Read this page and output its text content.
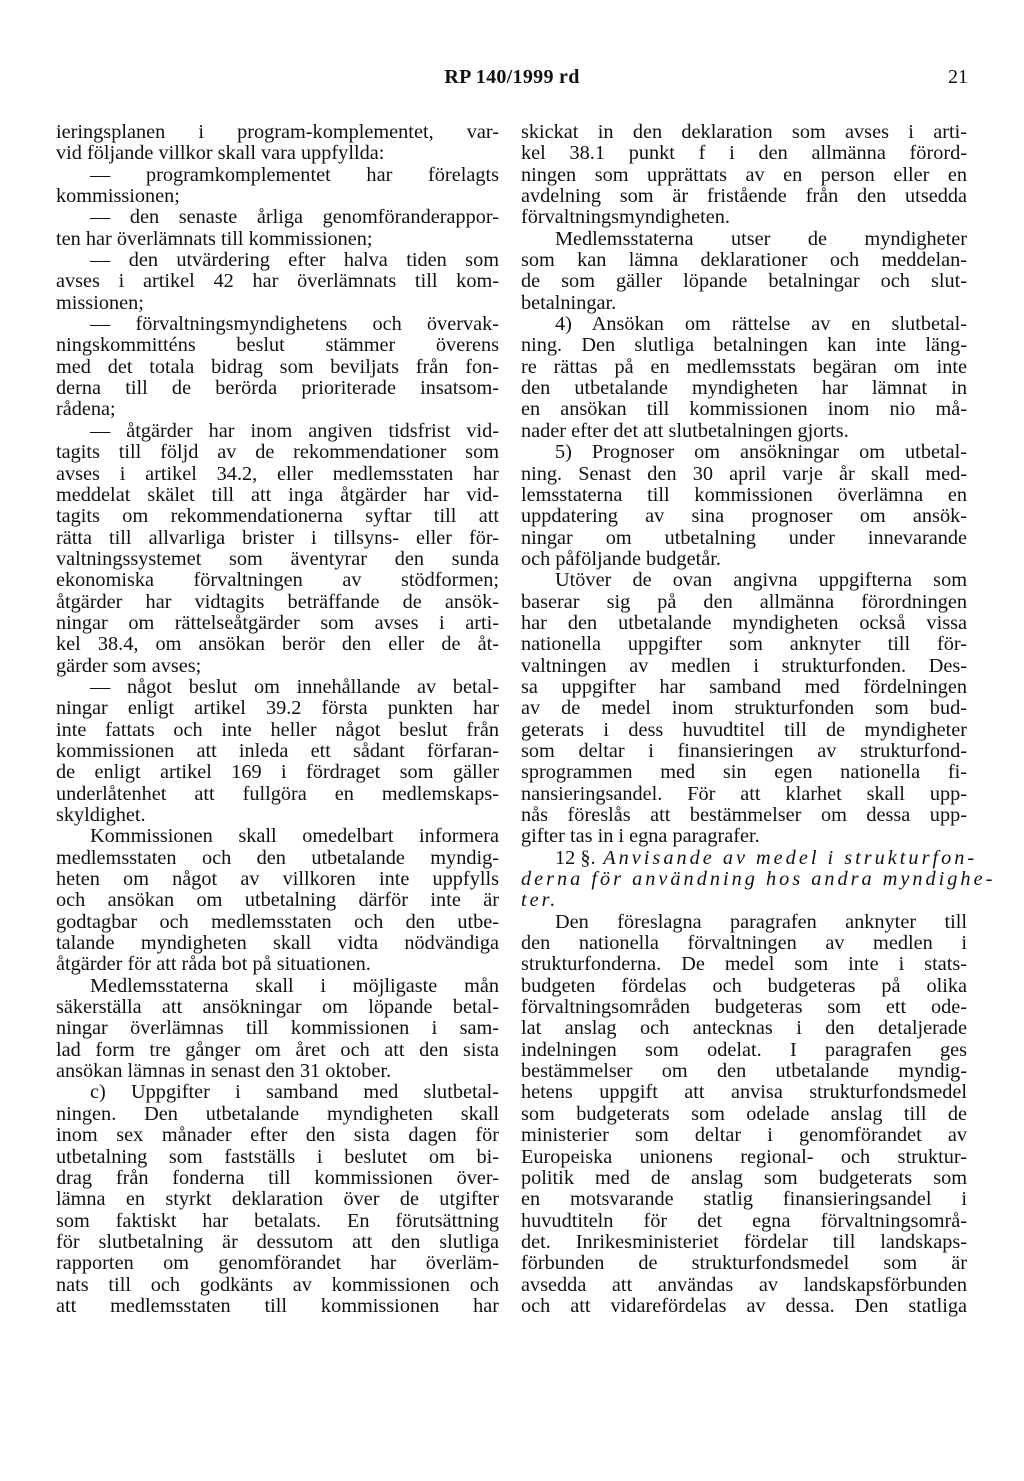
RP 140/1999 rd	21
ieringsplanen i program-komplementet, var-
vid följande villkor skall vara uppfyllda:
— programkomplementet har förelagts
kommissionen;
— den senaste årliga genomföranderappor-
ten har överlämnats till kommissionen;
— den utvärdering efter halva tiden som
avses i artikel 42 har överlämnats till kom-
missionen;
— förvaltningsmyndighetens och övervak-
ningskommitténs beslut stämmer överens
med det totala bidrag som beviljats från fon-
derna till de berörda prioriterade insatsom-
rådena;
— åtgärder har inom angiven tidsfrist vid-
tagits till följd av de rekommendationer som
avses i artikel 34.2, eller medlemsstaten har
meddelat skälet till att inga åtgärder har vid-
tagits om rekommendationerna syftar till att
rätta till allvarliga brister i tillsyns- eller för-
valtningssystemet som äventyrar den sunda
ekonomiska förvaltningen av stödformen;
åtgärder har vidtagits beträffande de ansök-
ningar om rättelseåtgärder som avses i arti-
kel 38.4, om ansökan berör den eller de åt-
gärder som avses;
— något beslut om innehållande av betal-
ningar enligt artikel 39.2 första punkten har
inte fattats och inte heller något beslut från
kommissionen att inleda ett sådant förfaran-
de enligt artikel 169 i fördraget som gäller
underlåtenhet att fullgöra en medlemskaps-
skyldighet.
Kommissionen skall omedelbart informera
medlemsstaten och den utbetalande myndig-
heten om något av villkoren inte uppfylls
och ansökan om utbetalning därför inte är
godtagbar och medlemsstaten och den utbe-
talande myndigheten skall vidta nödvändiga
åtgärder för att råda bot på situationen.
Medlemsstaterna skall i möjligaste mån
säkerställa att ansökningar om löpande betal-
ningar överlämnas till kommissionen i sam-
lad form tre gånger om året och att den sista
ansökan lämnas in senast den 31 oktober.
c) Uppgifter i samband med slutbetal-
ningen. Den utbetalande myndigheten skall
inom sex månader efter den sista dagen för
utbetalning som fastställs i beslutet om bi-
drag från fonderna till kommissionen över-
lämna en styrkt deklaration över de utgifter
som faktiskt har betalats. En förutsättning
för slutbetalning är dessutom att den slutliga
rapporten om genomförandet har överläm-
nats till och godkänts av kommissionen och
att medlemsstaten till kommissionen har
skickat in den deklaration som avses i arti-
kel 38.1 punkt f i den allmänna förord-
ningen som upprättats av en person eller en
avdelning som är fristående från den utsedda
förvaltningsmyndigheten.
Medlemsstaterna utser de myndigheter
som kan lämna deklarationer och meddelan-
de som gäller löpande betalningar och slut-
betalningar.
4) Ansökan om rättelse av en slutbetal-
ning. Den slutliga betalningen kan inte läng-
re rättas på en medlemsstats begäran om inte
den utbetalande myndigheten har lämnat in
en ansökan till kommissionen inom nio må-
nader efter det att slutbetalningen gjorts.
5) Prognoser om ansökningar om utbetal-
ning. Senast den 30 april varje år skall med-
lemsstaterna till kommissionen överlämna en
uppdatering av sina prognoser om ansök-
ningar om utbetalning under innevarande
och påföljande budgetår.
Utöver de ovan angivna uppgifterna som
baserar sig på den allmänna förordningen
har den utbetalande myndigheten också vissa
nationella uppgifter som anknyter till för-
valtningen av medlen i strukturfonden. Des-
sa uppgifter har samband med fördelningen
av de medel inom strukturfonden som bud-
geterats i dess huvudtitel till de myndigheter
som deltar i finansieringen av strukturfond-
sprogrammen med sin egen nationella fi-
nansieringsandel. För att klarhet skall upp-
nås föreslås att bestämmelser om dessa upp-
gifter tas in i egna paragrafer.
12 §. Anvisande av medel i strukturfon-
derna för användning hos andra myndighe-
ter.
Den föreslagna paragrafen anknyter till
den nationella förvaltningen av medlen i
strukturfonderna. De medel som inte i stats-
budgeten fördelas och budgeteras på olika
förvaltningsområden budgeteras som ett ode-
lat anslag och antecknas i den detaljerade
indelningen som odelat. I paragrafen ges
bestämmelser om den utbetalande myndig-
hetens uppgift att anvisa strukturfondsmedel
som budgeterats som odelade anslag till de
ministerier som deltar i genomförandet av
Europeiska unionens regional- och struktur-
politik med de anslag som budgeterats som
en motsvarande statlig finansieringsandel i
huvudtiteln för det egna förvaltningsområ-
det. Inrikesministeriet fördelar till landskaps-
förbunden de strukturfondsmedel som är
avsedda att användas av landskapsförbunden
och att vidarefördelas av dessa. Den statliga
